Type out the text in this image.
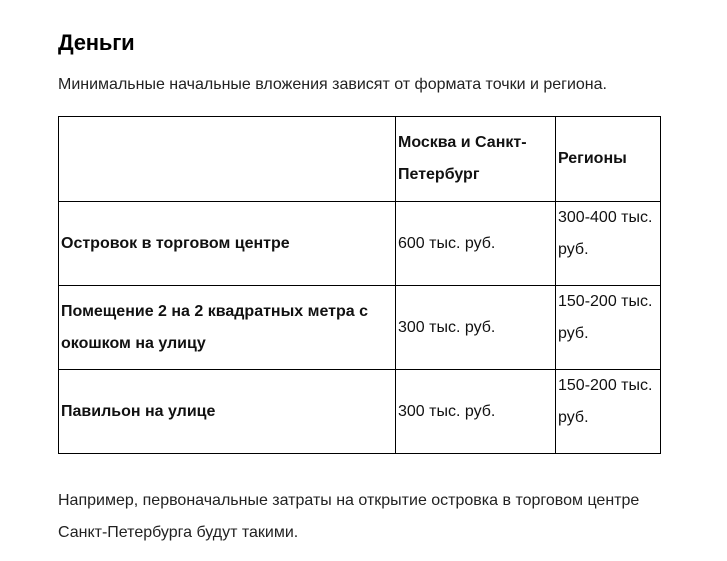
Деньги

Минимальные начальные вложения зависят от формата точки и региона.

	Москва и Санкт-Петербург	Регионы
Островок в торговом центре	600 тыс. руб.	300-400 тыс. руб.
Помещение 2 на 2 квадратных метра с окошком на улицу	300 тыс. руб.	150-200 тыс. руб.
Павильон на улице	300 тыс. руб.	150-200 тыс. руб.

Например, первоначальные затраты на открытие островка в торговом центре Санкт-Петербурга будут такими.
